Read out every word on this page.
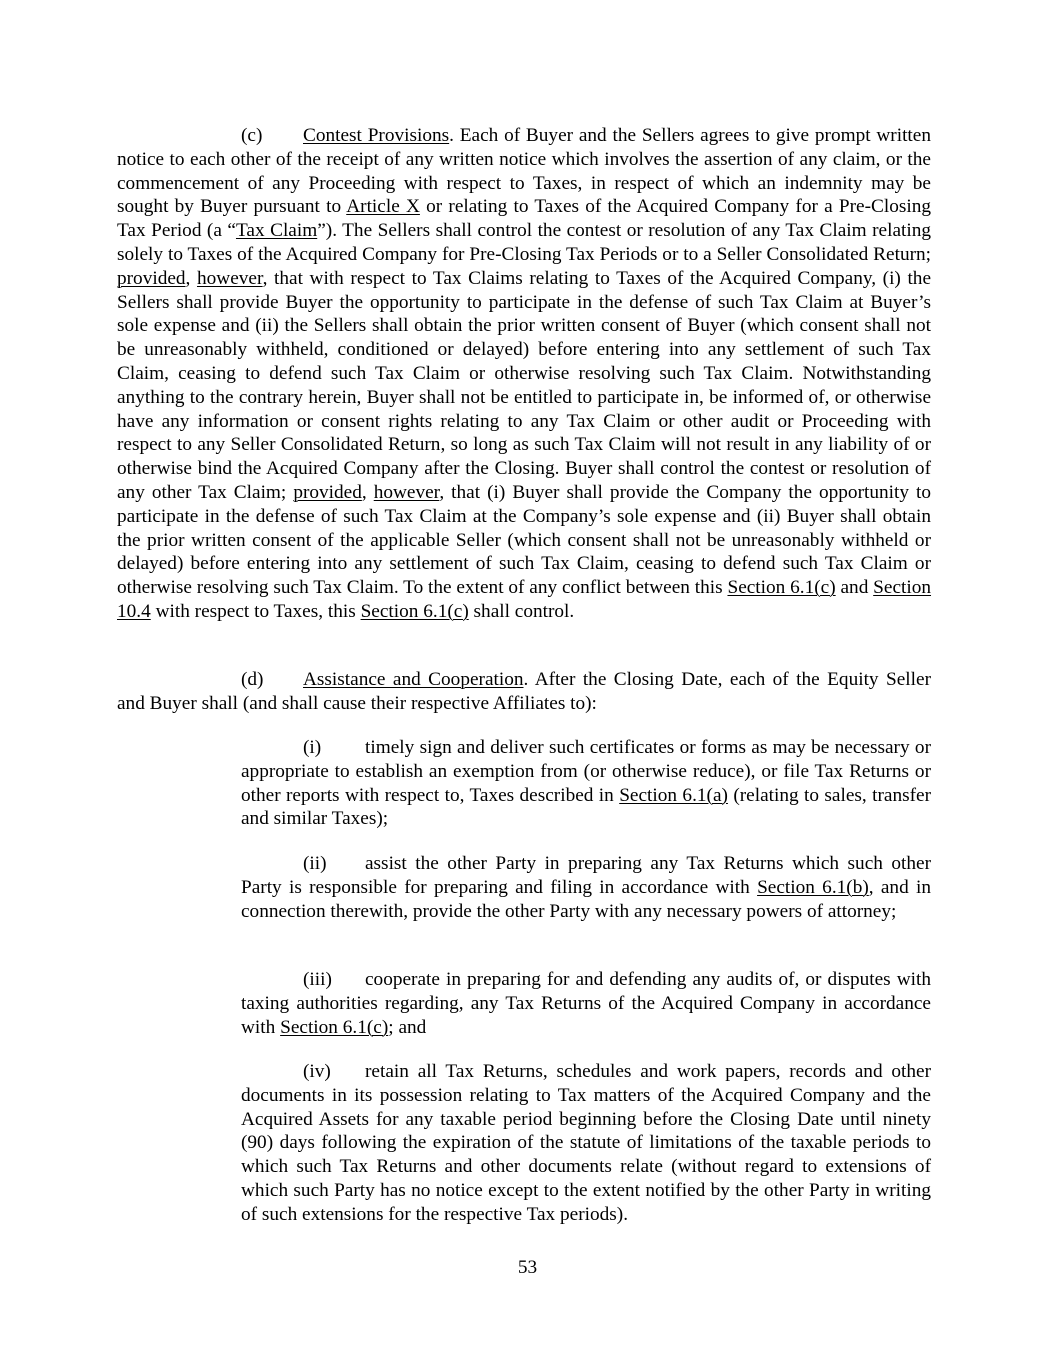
(c) Contest Provisions. Each of Buyer and the Sellers agrees to give prompt written notice to each other of the receipt of any written notice which involves the assertion of any claim, or the commencement of any Proceeding with respect to Taxes, in respect of which an indemnity may be sought by Buyer pursuant to Article X or relating to Taxes of the Acquired Company for a Pre-Closing Tax Period (a “Tax Claim”). The Sellers shall control the contest or resolution of any Tax Claim relating solely to Taxes of the Acquired Company for Pre-Closing Tax Periods or to a Seller Consolidated Return; provided, however, that with respect to Tax Claims relating to Taxes of the Acquired Company, (i) the Sellers shall provide Buyer the opportunity to participate in the defense of such Tax Claim at Buyer’s sole expense and (ii) the Sellers shall obtain the prior written consent of Buyer (which consent shall not be unreasonably withheld, conditioned or delayed) before entering into any settlement of such Tax Claim, ceasing to defend such Tax Claim or otherwise resolving such Tax Claim. Notwithstanding anything to the contrary herein, Buyer shall not be entitled to participate in, be informed of, or otherwise have any information or consent rights relating to any Tax Claim or other audit or Proceeding with respect to any Seller Consolidated Return, so long as such Tax Claim will not result in any liability of or otherwise bind the Acquired Company after the Closing. Buyer shall control the contest or resolution of any other Tax Claim; provided, however, that (i) Buyer shall provide the Company the opportunity to participate in the defense of such Tax Claim at the Company’s sole expense and (ii) Buyer shall obtain the prior written consent of the applicable Seller (which consent shall not be unreasonably withheld or delayed) before entering into any settlement of such Tax Claim, ceasing to defend such Tax Claim or otherwise resolving such Tax Claim. To the extent of any conflict between this Section 6.1(c) and Section 10.4 with respect to Taxes, this Section 6.1(c) shall control.

(d) Assistance and Cooperation. After the Closing Date, each of the Equity Seller and Buyer shall (and shall cause their respective Affiliates to):

(i) timely sign and deliver such certificates or forms as may be necessary or appropriate to establish an exemption from (or otherwise reduce), or file Tax Returns or other reports with respect to, Taxes described in Section 6.1(a) (relating to sales, transfer and similar Taxes);

(ii) assist the other Party in preparing any Tax Returns which such other Party is responsible for preparing and filing in accordance with Section 6.1(b), and in connection therewith, provide the other Party with any necessary powers of attorney;

(iii) cooperate in preparing for and defending any audits of, or disputes with taxing authorities regarding, any Tax Returns of the Acquired Company in accordance with Section 6.1(c); and

(iv) retain all Tax Returns, schedules and work papers, records and other documents in its possession relating to Tax matters of the Acquired Company and the Acquired Assets for any taxable period beginning before the Closing Date until ninety (90) days following the expiration of the statute of limitations of the taxable periods to which such Tax Returns and other documents relate (without regard to extensions of which such Party has no notice except to the extent notified by the other Party in writing of such extensions for the respective Tax periods).

53
